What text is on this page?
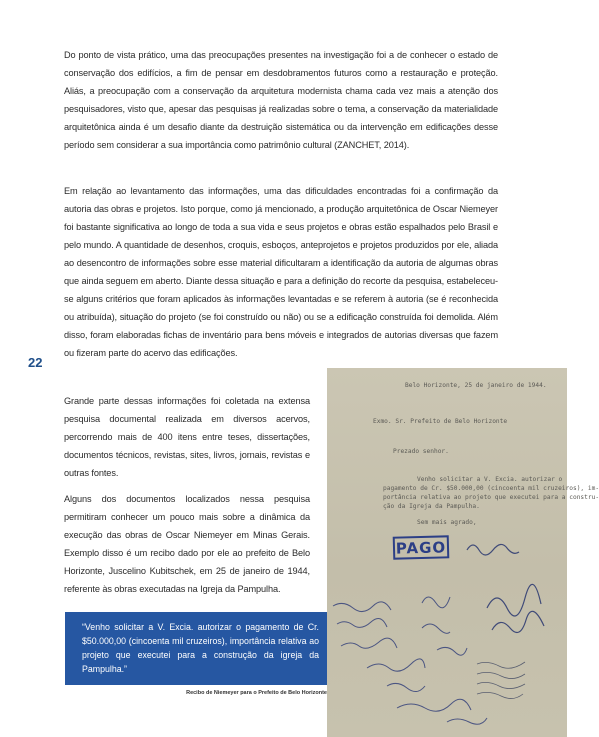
Do ponto de vista prático, uma das preocupações presentes na investigação foi a de conhecer o estado de conservação dos edifícios, a fim de pensar em desdobramentos futuros como a restauração e proteção. Aliás, a preocupação com a conservação da arquitetura modernista chama cada vez mais a atenção dos pesquisadores, visto que, apesar das pesquisas já realizadas sobre o tema, a conservação da materialidade arquitetônica ainda é um desafio diante da destruição sistemática ou da intervenção em edificações desse período sem considerar a sua importância como patrimônio cultural (ZANCHET, 2014).

Em relação ao levantamento das informações, uma das dificuldades encontradas foi a confirmação da autoria das obras e projetos. Isto porque, como já mencionado, a produção arquitetônica de Oscar Niemeyer foi bastante significativa ao longo de toda a sua vida e seus projetos e obras estão espalhados pelo Brasil e pelo mundo. A quantidade de desenhos, croquis, esboços, anteprojetos e projetos produzidos por ele, aliada ao desencontro de informações sobre esse material dificultaram a identificação da autoria de algumas obras que ainda seguem em aberto. Diante dessa situação e para a definição do recorte da pesquisa, estabeleceu-se alguns critérios que foram aplicados às informações levantadas e se referem à autoria (se é reconhecida ou atribuída), situação do projeto (se foi construído ou não) ou se a edificação construída foi demolida. Além disso, foram elaboradas fichas de inventário para bens móveis e integrados de autorias diversas que fazem ou fizeram parte do acervo das edificações.

22

Grande parte dessas informações foi coletada na extensa pesquisa documental realizada em diversos acervos, percorrendo mais de 400 itens entre teses, dissertações, documentos técnicos, revistas, sites, livros, jornais, revistas e outras fontes.

Alguns dos documentos localizados nessa pesquisa permitiram conhecer um pouco mais sobre a dinâmica da execução das obras de Oscar Niemeyer em Minas Gerais. Exemplo disso é um recibo dado por ele ao prefeito de Belo Horizonte, Juscelino Kubitschek, em 25 de janeiro de 1944, referente às obras executadas na Igreja da Pampulha.

“Venho solicitar a V. Excia. autorizar o pagamento de Cr. $50.000,00 (cincoenta mil cruzeiros), importância relativa ao projeto que executei para a construção da igreja da Pampulha.”

Recibo de Niemeyer para o Prefeito de Belo Horizonte
Belo Horizonte, 25 de janeiro de 1944.
Exmo. Sr. Prefeito de Belo Horizonte
Prezado senhor.
Venho solicitar a V. Excia. autorizar o
pagamento de Cr. $50.000,00 (cincoenta mil cruzeiros), im-
portância relativa ao projeto que executei para a constru-
ção da Igreja da Pampulha.
Sem mais agrado,
PAGO
